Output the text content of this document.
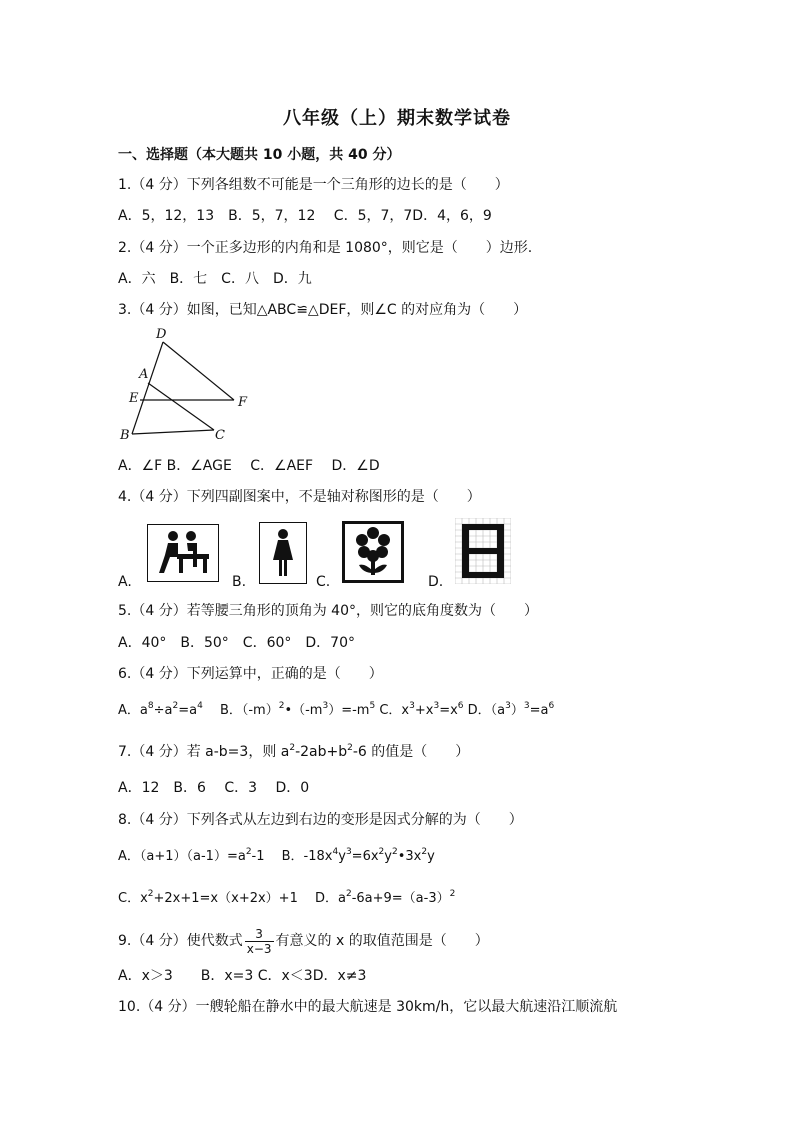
八年级（上）期末数学试卷
一、选择题（本大题共 10 小题，共 40 分）
1.（4 分）下列各组数不可能是一个三角形的边长的是（　　）
A．5，12，13　B．5，7，12　 C．5，7，7D．4，6，9
2.（4 分）一个正多边形的内角和是 1080°，则它是（　　）边形.
A．六　B．七　C．八　D．九
3.（4 分）如图，已知△ABC≌△DEF，则∠C 的对应角为（　　）
D
A
E	F
B	C
A．∠F B．∠AGE　 C．∠AEF　 D．∠D
4.（4 分）下列四副图案中，不是轴对称图形的是（　　）
A.	B.	C.	D.
5.（4 分）若等腰三角形的顶角为 40°，则它的底角度数为（　　）
A．40°　B．50°　C．60°　D．70°
6.（4 分）下列运算中，正确的是（　　）
A．$a^8\div a^2=a^4$ 　B．$(-m)^2•(-m^3)=-m^5$ C．$x^3+x^3=x^6$ D．$(a^3)^3=a^6$
7.（4 分）若 a-b=3，则 $a^2-2ab+b^2-6$ 的值是（　　）
A．12　B．6　 C．3　 D．0
8.（4 分）下列各式从左边到右边的变形是因式分解的为（　　）
A．$(a+1)(a-1)=a^2-1$　 B．$-18x^4y^3=6x^2y^2•3x^2y$
C．$x^2+2x+1=x(x+2x)+1$　 D．$a^2-6a+9=(a-3)^2$
9.（4 分）使代数式 $\frac{3}{x-3}$ 有意义的 x 的取值范围是（　　）
A．x＞3　　B．x=3 C．x＜3D．x≠3
10.（4 分）一艘轮船在静水中的最大航速是 30km/h，它以最大航速沿江顺流航
